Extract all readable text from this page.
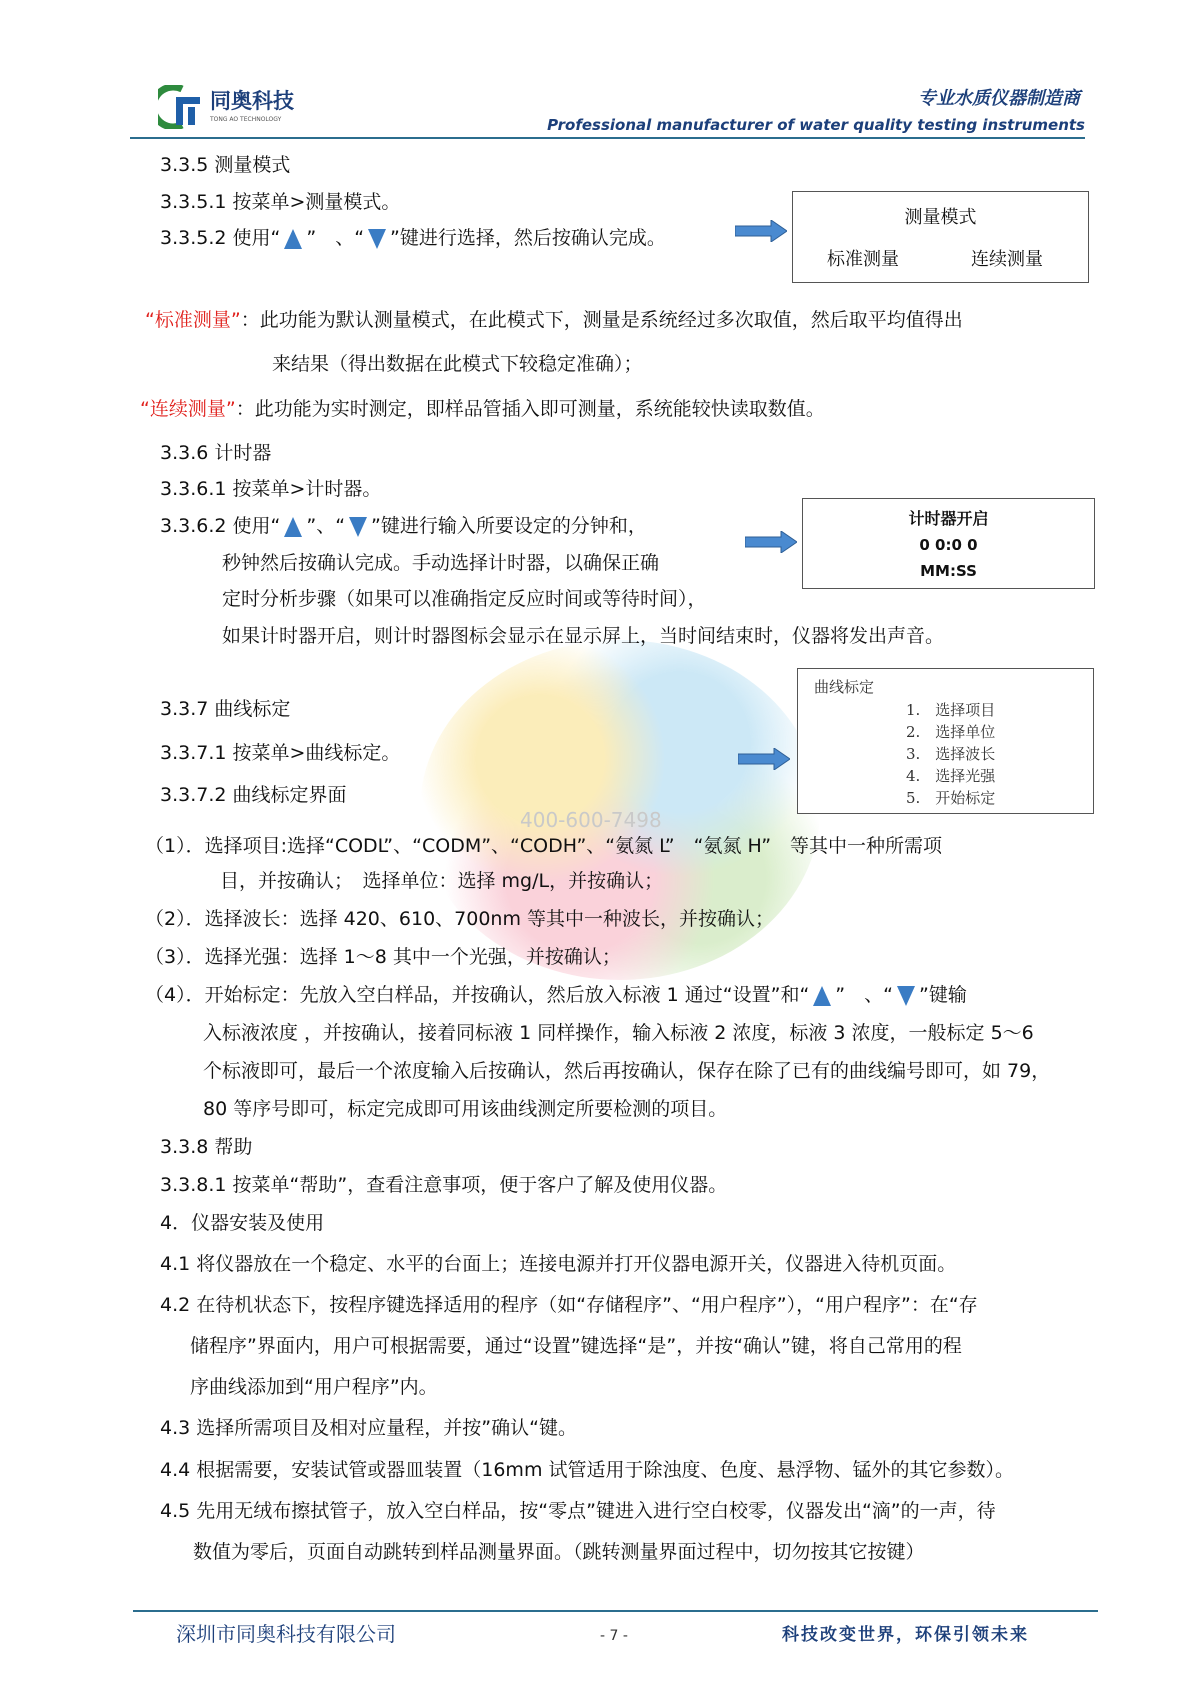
400-600-7498
同奥科技
TONG AO TECHNOLOGY
专业水质仪器制造商
Professional manufacturer of water quality testing instruments
3.3.5 测量模式
3.3.5.1 按菜单>测量模式。
3.3.5.2 使用“ ”　、“ ”键进行选择，然后按确认完成。
测量模式
标准测量	连续测量
“标准测量”：此功能为默认测量模式，在此模式下，测量是系统经过多次取值，然后取平均值得出
来结果（得出数据在此模式下较稳定准确）；
“连续测量”：此功能为实时测定，即样品管插入即可测量，系统能较快读取数值。
3.3.6 计时器
3.3.6.1 按菜单>计时器。
3.3.6.2 使用“ ”、“ ”键进行输入所要设定的分钟和，
秒钟然后按确认完成。手动选择计时器，以确保正确
定时分析步骤（如果可以准确指定反应时间或等待时间），
如果计时器开启，则计时器图标会显示在显示屏上，当时间结束时，仪器将发出声音。
计时器开启
0 0:0 0
MM:SS
3.3.7 曲线标定
3.3.7.1 按菜单>曲线标定。
3.3.7.2 曲线标定界面
曲线标定
1.　选择项目
2.　选择单位
3.　选择波长
4.　选择光强
5.　开始标定
（1）．选择项目:选择“CODL”、“CODM”、“CODH”、“氨氮 L”　“氨氮 H”　等其中一种所需项
目，并按确认；　选择单位：选择 mg/L，并按确认；
（2）．选择波长：选择 420、610、700nm 等其中一种波长，并按确认；
（3）．选择光强：选择 1～8 其中一个光强，并按确认；
（4）．开始标定：先放入空白样品，并按确认，然后放入标液 1 通过“设置”和“ ”　、“ ”键输
入标液浓度 ，并按确认，接着同标液 1 同样操作，输入标液 2 浓度，标液 3 浓度，一般标定 5～6
个标液即可，最后一个浓度输入后按确认，然后再按确认，保存在除了已有的曲线编号即可，如 79，
80 等序号即可，标定完成即可用该曲线测定所要检测的项目。
3.3.8 帮助
3.3.8.1 按菜单“帮助”，查看注意事项，便于客户了解及使用仪器。
4．仪器安装及使用
4.1 将仪器放在一个稳定、水平的台面上；连接电源并打开仪器电源开关，仪器进入待机页面。
4.2 在待机状态下，按程序键选择适用的程序（如“存储程序”、“用户程序”），“用户程序”：在“存
储程序”界面内，用户可根据需要，通过“设置”键选择“是”，并按“确认”键，将自己常用的程
序曲线添加到“用户程序”内。
4.3 选择所需项目及相对应量程，并按”确认“键。
4.4 根据需要，安装试管或器皿装置（16mm 试管适用于除浊度、色度、悬浮物、锰外的其它参数）。
4.5 先用无绒布擦拭管子，放入空白样品，按“零点”键进入进行空白校零，仪器发出“滴”的一声，待
数值为零后，页面自动跳转到样品测量界面。（跳转测量界面过程中，切勿按其它按键）
深圳市同奥科技有限公司	- 7 -	科技改变世界，环保引领未来
